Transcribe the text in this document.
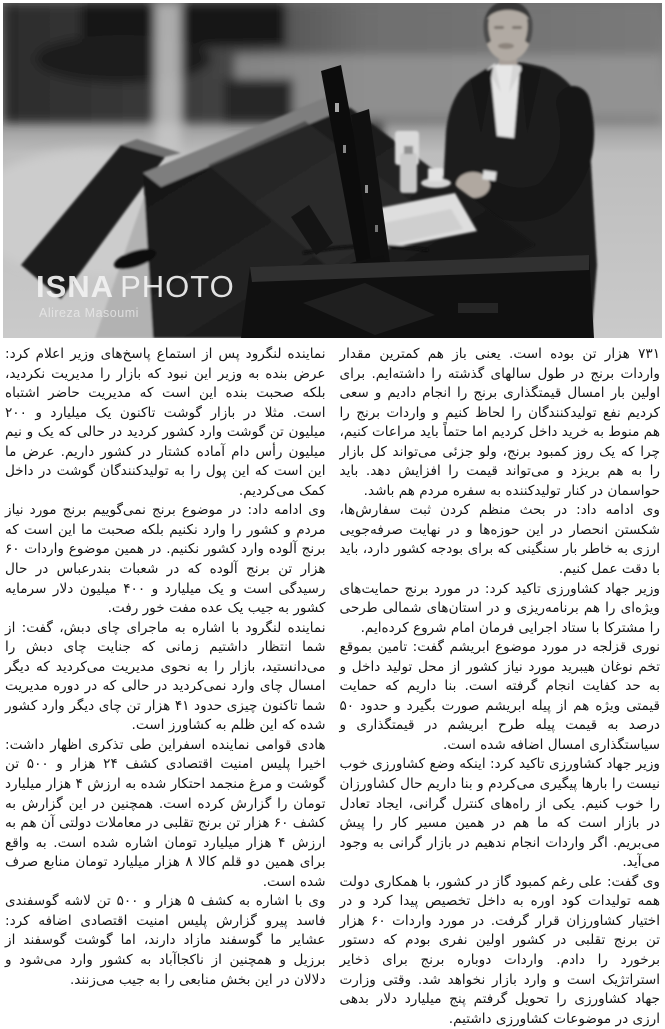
ISNA PHOTO
Alireza Masoumi

۷۳۱ هزار تن بوده است. یعنی باز هم کمترین مقدار واردات برنج در طول سالهای گذشته را داشته‌ایم. برای اولین بار امسال قیمتگذاری برنج را انجام دادیم و سعی کردیم نفع تولیدکنندگان را لحاظ کنیم و واردات برنج را هم منوط به خرید داخل کردیم اما حتماً باید مراعات کنیم، چرا که یک روز کمبود برنج، ولو جزئی می‌تواند کل بازار را به هم بریزد و می‌تواند قیمت را افزایش دهد. باید حواسمان در کنار تولیدکننده به سفره مردم هم باشد.

وی ادامه داد: در بحث منظم کردن ثبت سفارش‌ها، شکستن انحصار در این حوزه‌ها و در نهایت صرفه‌جویی ارزی به خاطر بار سنگینی که برای بودجه کشور دارد، باید با دقت عمل کنیم.

وزیر جهاد کشاورزی تاکید کرد: در مورد برنج حمایت‌های ویژه‌ای را هم برنامه‌ریزی و در استان‌های شمالی طرحی را مشترکا با ستاد اجرایی فرمان امام شروع کرده‌ایم.

نوری قزلجه در مورد موضوع ابریشم گفت: تامین بموقع تخم نوغان هیبرید مورد نیاز کشور از محل تولید داخل و به حد کفایت انجام گرفته است. بنا داریم که حمایت قیمتی ویژه هم از پیله ابریشم صورت بگیرد و حدود ۵۰ درصد به قیمت پیله طرح ابریشم در قیمتگذاری و سیاستگذاری امسال اضافه شده است.

وزیر جهاد کشاورزی تاکید کرد: اینکه وضع کشاورزی خوب نیست را بارها پیگیری می‌کردم و بنا داریم حال کشاورزان را خوب کنیم. یکی از راه‌های کنترل گرانی، ایجاد تعادل در بازار است که ما هم در همین مسیر کار را پیش می‌بریم. اگر واردات انجام ندهیم در بازار گرانی به وجود می‌آید.

وی گفت: علی رغم کمبود گاز در کشور، با همکاری دولت همه تولیدات کود اوره به داخل تخصیص پیدا کرد و در اختیار کشاورزان قرار گرفت. در مورد واردات ۶۰ هزار تن برنج تقلبی در کشور اولین نفری بودم که دستور برخورد را دادم. واردات دوباره برنج برای ذخایر استراتژیک است و وارد بازار نخواهد شد. وقتی وزارت جهاد کشاورزی را تحویل گرفتم پنج میلیارد دلار بدهی ارزی در موضوعات کشاورزی داشتیم.

نماینده لنگرود پس از استماع پاسخ‌های وزیر اعلام کرد: عرض بنده به وزیر این نبود که بازار را مدیریت نکردید، بلکه صحبت بنده این است که مدیریت حاضر اشتباه است. مثلا در بازار گوشت تاکنون یک میلیارد و ۲۰۰ میلیون تن گوشت وارد کشور کردید در حالی که یک و نیم میلیون رأس دام آماده کشتار در کشور داریم. عرض ما این است که این پول را به تولیدکنندگان گوشت در داخل کمک می‌کردیم.

وی ادامه داد: در موضوع برنج نمی‌گوییم برنج مورد نیاز مردم و کشور را وارد نکنیم بلکه صحبت ما این است که برنج آلوده وارد کشور نکنیم. در همین موضوع واردات ۶۰ هزار تن برنج آلوده که در شعبات بندرعباس در حال رسیدگی است و یک میلیارد و ۴۰۰ میلیون دلار سرمایه کشور به جیب یک عده مفت خور رفت.

نماینده لنگرود با اشاره به ماجرای چای دبش، گفت: از شما انتظار داشتیم زمانی که جنایت چای دبش را می‌دانستید، بازار را به نحوی مدیریت می‌کردید که دیگر امسال چای وارد نمی‌کردید در حالی که در دوره مدیریت شما تاکنون چیزی حدود ۴۱ هزار تن چای دیگر وارد کشور شده که این ظلم به کشاورز است.

هادی قوامی نماینده اسفراین طی تذکری اظهار داشت: اخیرا پلیس امنیت اقتصادی کشف ۲۴ هزار و ۵۰۰ تن گوشت و مرغ منجمد احتکار شده به ارزش ۴ هزار میلیارد تومان را گزارش کرده است. همچنین در این گزارش به کشف ۶۰ هزار تن برنج تقلبی در معاملات دولتی آن هم به ارزش ۴ هزار میلیارد تومان اشاره شده است. به واقع برای همین دو قلم کالا ۸ هزار میلیارد تومان منابع صرف شده است.

وی با اشاره به کشف ۵ هزار و ۵۰۰ تن لاشه گوسفندی فاسد پیرو گزارش پلیس امنیت اقتصادی اضافه کرد: عشایر ما گوسفند مازاد دارند، اما گوشت گوسفند از برزیل و همچنین از ناکجاآباد به کشور وارد می‌شود و دلالان در این بخش منابعی را به جیب می‌زنند.
